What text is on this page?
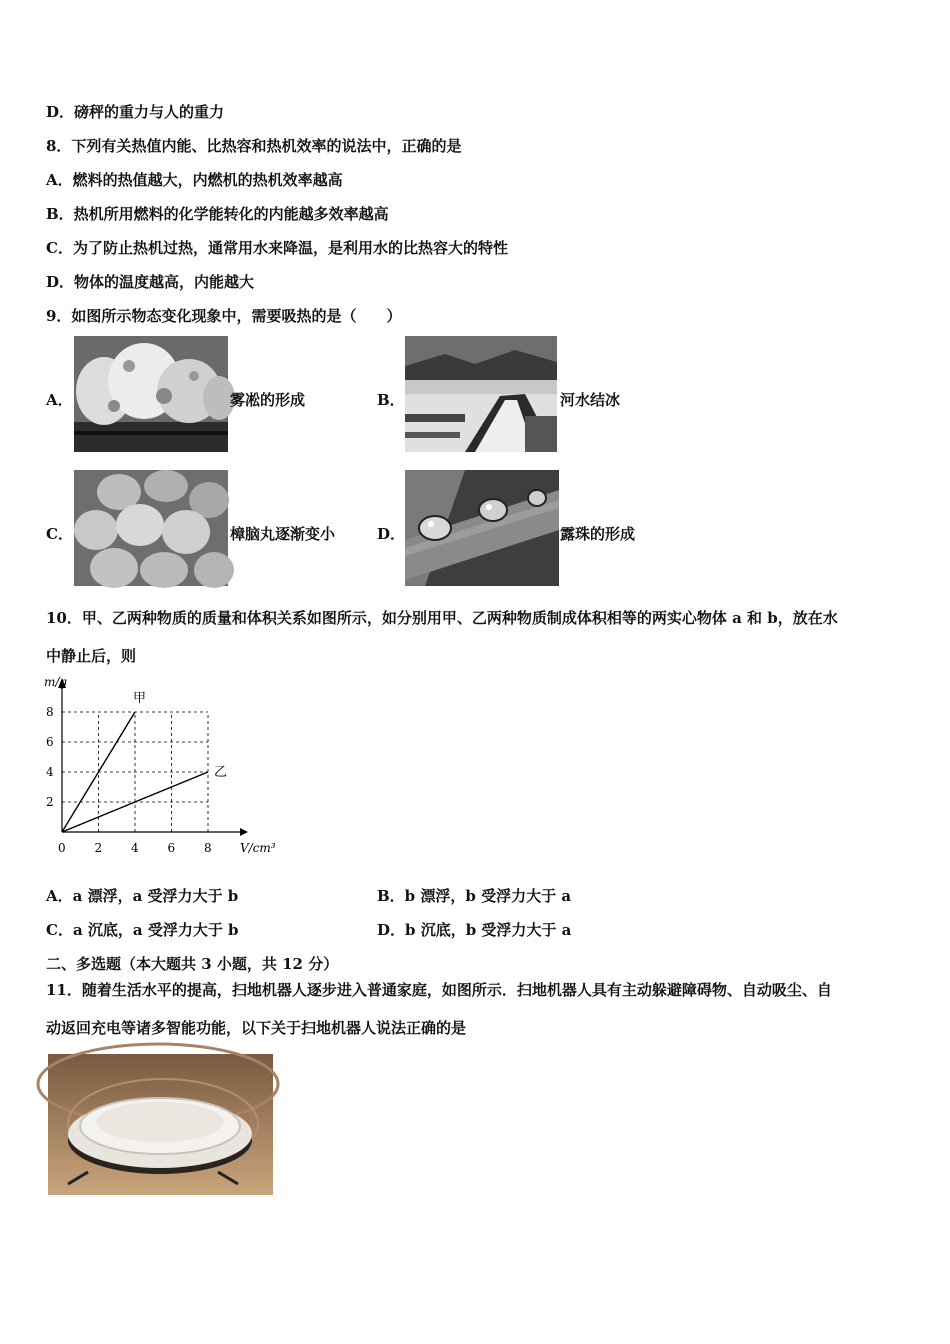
D．磅秤的重力与人的重力
8．下列有关热值内能、比热容和热机效率的说法中，正确的是
A．燃料的热值越大，内燃机的热机效率越高
B．热机所用燃料的化学能转化的内能越多效率越高
C．为了防止热机过热，通常用水来降温，是利用水的比热容大的特性
D．物体的温度越高，内能越大
9．如图所示物态变化现象中，需要吸热的是（　　）
A．	雾凇的形成	B．	河水结冰
C．	樟脑丸逐渐变小	D．	露珠的形成
10．甲、乙两种物质的质量和体积关系如图所示，如分别用甲、乙两种物质制成体积相等的两实心物体 a 和 b，放在水
中静止后，则
m/g
V/cm³
0 2 4 6 8
2
4
6
8
甲
乙
A．a 漂浮，a 受浮力大于 b	B．b 漂浮，b 受浮力大于 a
C．a 沉底，a 受浮力大于 b	D．b 沉底，b 受浮力大于 a
二、多选题（本大题共 3 小题，共 12 分）
11．随着生活水平的提高，扫地机器人逐步进入普通家庭，如图所示．扫地机器人具有主动躲避障碍物、自动吸尘、自
动返回充电等诸多智能功能，以下关于扫地机器人说法正确的是
